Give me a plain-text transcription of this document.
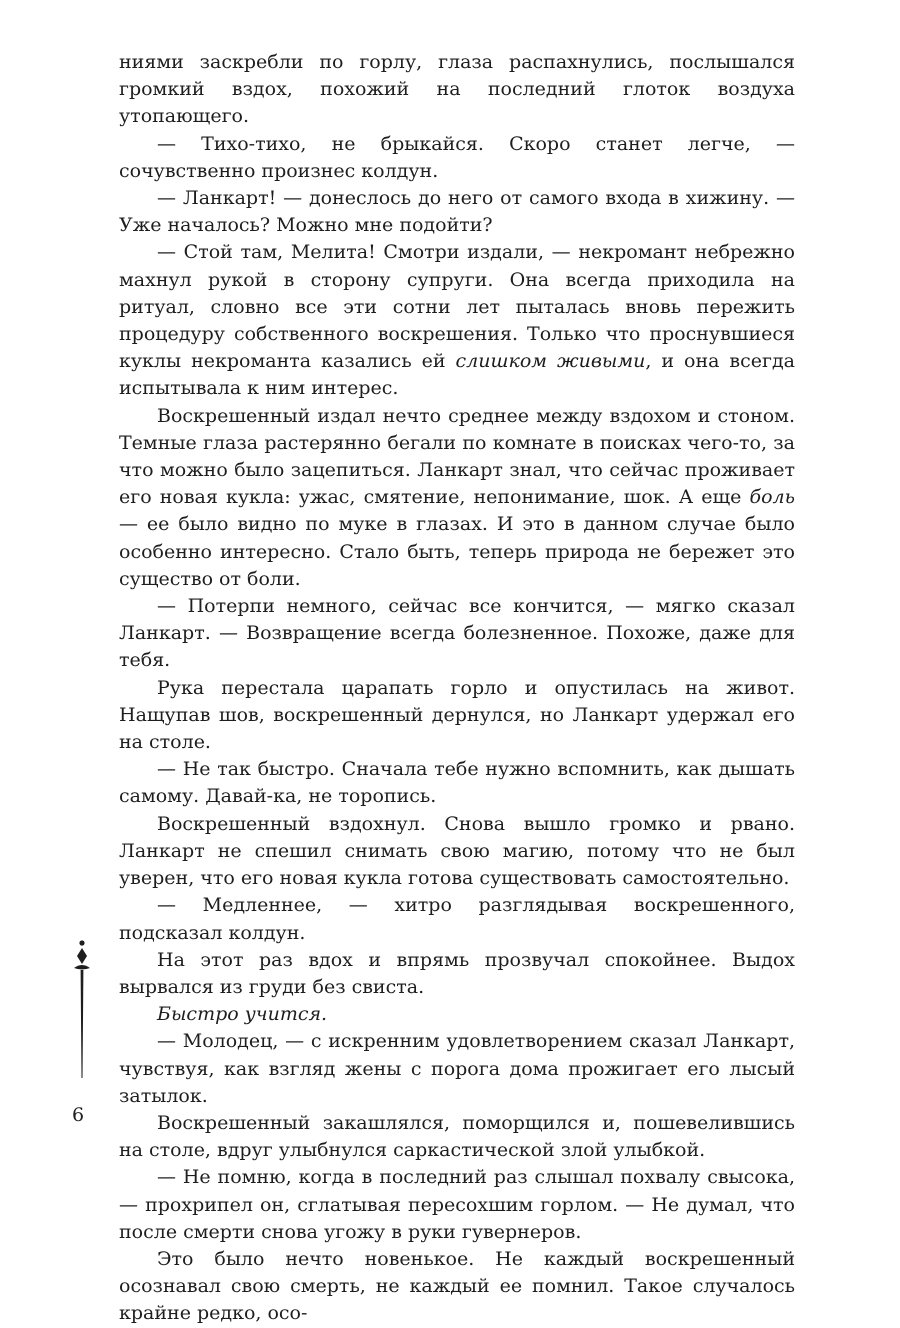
ниями заскребли по горлу, глаза распахнулись, послышался громкий вздох, похожий на последний глоток воздуха утопающего.

— Тихо-тихо, не брыкайся. Скоро станет легче, — сочувственно произнес колдун.

— Ланкарт! — донеслось до него от самого входа в хижину. — Уже началось? Можно мне подойти?

— Стой там, Мелита! Смотри издали, — некромант небрежно махнул рукой в сторону супруги. Она всегда приходила на ритуал, словно все эти сотни лет пыталась вновь пережить процедуру собственного воскрешения. Только что проснувшиеся куклы некроманта казались ей слишком живыми, и она всегда испытывала к ним интерес.

Воскрешенный издал нечто среднее между вздохом и стоном. Темные глаза растерянно бегали по комнате в поисках чего-то, за что можно было зацепиться. Ланкарт знал, что сейчас проживает его новая кукла: ужас, смятение, непонимание, шок. А еще боль — ее было видно по муке в глазах. И это в данном случае было особенно интересно. Стало быть, теперь природа не бережет это существо от боли.

— Потерпи немного, сейчас все кончится, — мягко сказал Ланкарт. — Возвращение всегда болезненное. Похоже, даже для тебя.

Рука перестала царапать горло и опустилась на живот. Нащупав шов, воскрешенный дернулся, но Ланкарт удержал его на столе.

— Не так быстро. Сначала тебе нужно вспомнить, как дышать самому. Давай-ка, не торопись.

Воскрешенный вздохнул. Снова вышло громко и рвано. Ланкарт не спешил снимать свою магию, потому что не был уверен, что его новая кукла готова существовать самостоятельно.

— Медленнее, — хитро разглядывая воскрешенного, подсказал колдун.

На этот раз вдох и впрямь прозвучал спокойнее. Выдох вырвался из груди без свиста.

Быстро учится.

— Молодец, — с искренним удовлетворением сказал Ланкарт, чувствуя, как взгляд жены с порога дома прожигает его лысый затылок.

Воскрешенный закашлялся, поморщился и, пошевелившись на столе, вдруг улыбнулся саркастической злой улыбкой.

— Не помню, когда в последний раз слышал похвалу свысока, — прохрипел он, сглатывая пересохшим горлом. — Не думал, что после смерти снова угожу в руки гувернеров.

Это было нечто новенькое. Не каждый воскрешенный осознавал свою смерть, не каждый ее помнил. Такое случалось крайне редко, осо-

6
